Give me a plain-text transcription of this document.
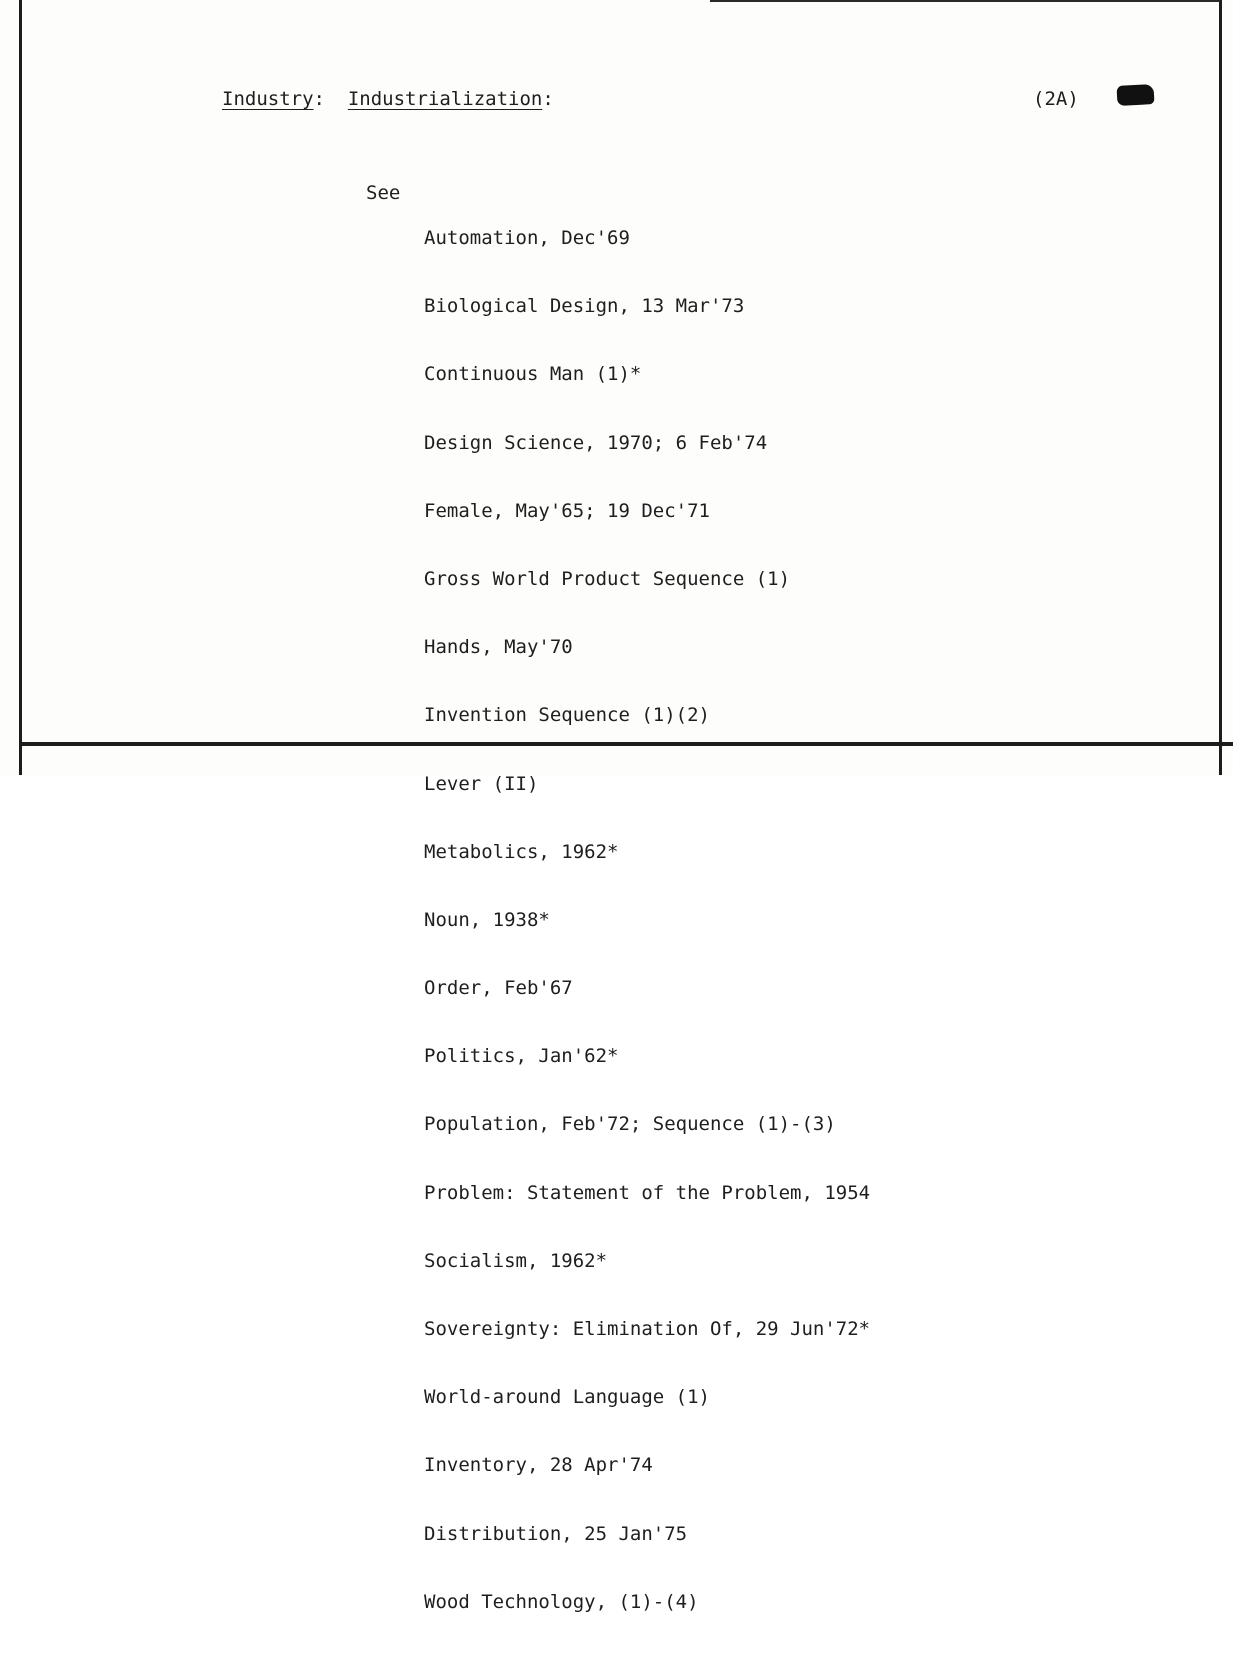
Industry: Industrialization:	(2A)
See

Automation, Dec'69

Biological Design, 13 Mar'73

Continuous Man (1)*

Design Science, 1970; 6 Feb'74

Female, May'65; 19 Dec'71

Gross World Product Sequence (1)

Hands, May'70

Invention Sequence (1)(2)

Lever (II)

Metabolics, 1962*

Noun, 1938*

Order, Feb'67

Politics, Jan'62*

Population, Feb'72; Sequence (1)-(3)

Problem: Statement of the Problem, 1954

Socialism, 1962*

Sovereignty: Elimination Of, 29 Jun'72*

World-around Language (1)

Inventory, 28 Apr'74

Distribution, 25 Jan'75

Wood Technology, (1)-(4)
